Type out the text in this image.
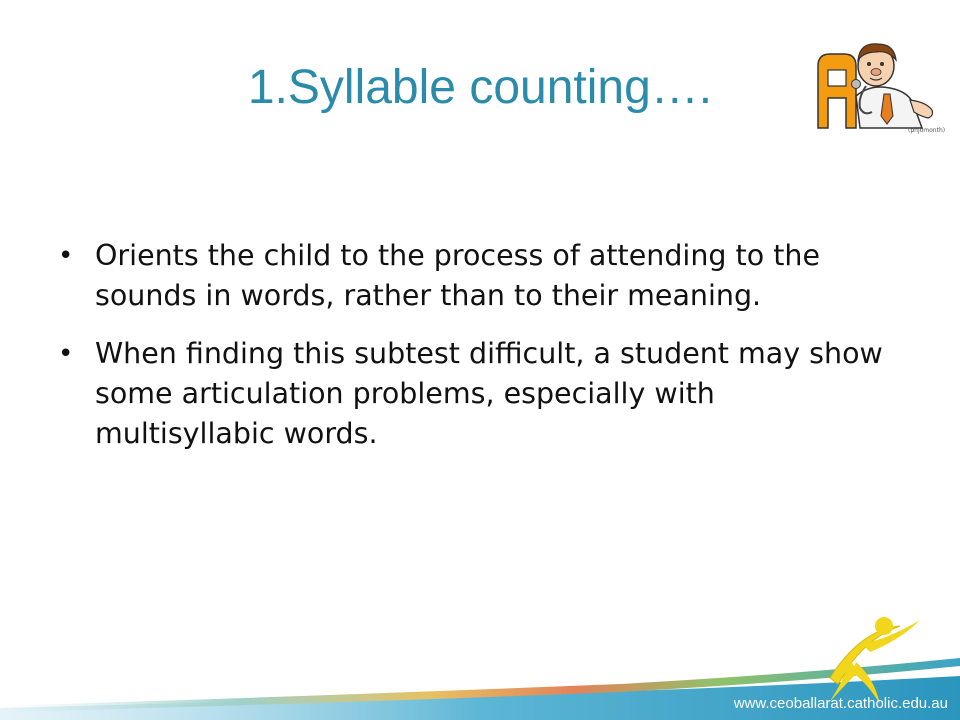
1.Syllable counting….
(phjomonth)
• Orients the child to the process of attending to the sounds in words, rather than to their meaning.
• When finding this subtest difficult, a student may show some articulation problems, especially with multisyllabic words.
www.ceoballarat.catholic.edu.au
